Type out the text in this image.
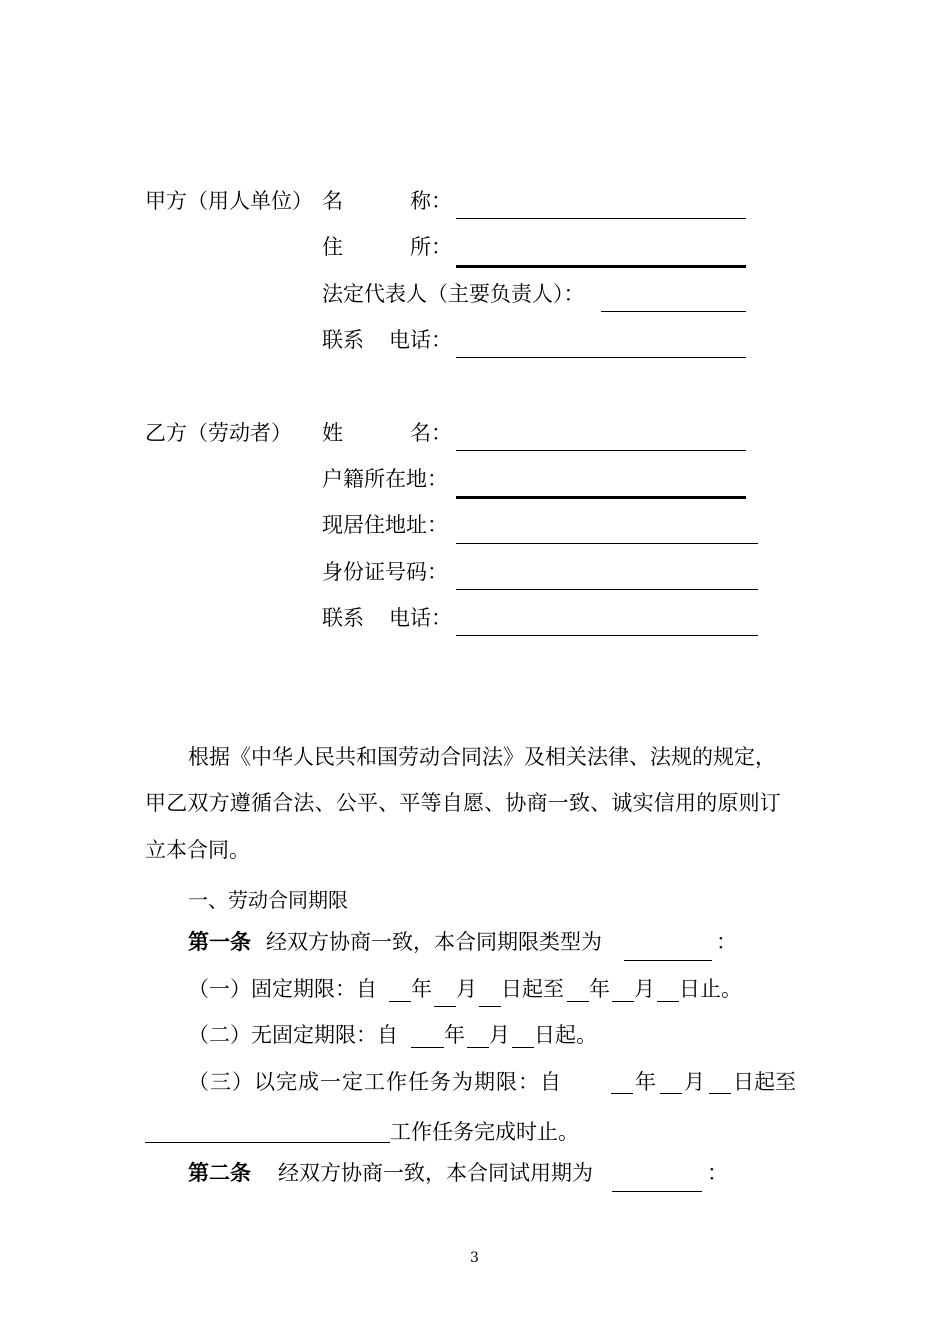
甲方（用人单位） 名	称：
住	所：
法定代表人（主要负责人）：
联系 电话：
乙方（劳动者） 姓	名：
户籍所在地：
现居住地址：
身份证号码：
联系 电话：
根据《中华人民共和国劳动合同法》及相关法律、法规的规定，
甲乙双方遵循合法、公平、平等自愿、协商一致、诚实信用的原则订
立本合同。
一、劳动合同期限
第一条 经双方协商一致，本合同期限类型为	：
（一）固定期限：自 年 月 日起至 年 月 日止。
（二）无固定期限：自 年 月 日起。
（三）以完成一定工作任务为期限：自	年 月 日起至
工作任务完成时止。
第二条 经双方协商一致，本合同试用期为	：
3
